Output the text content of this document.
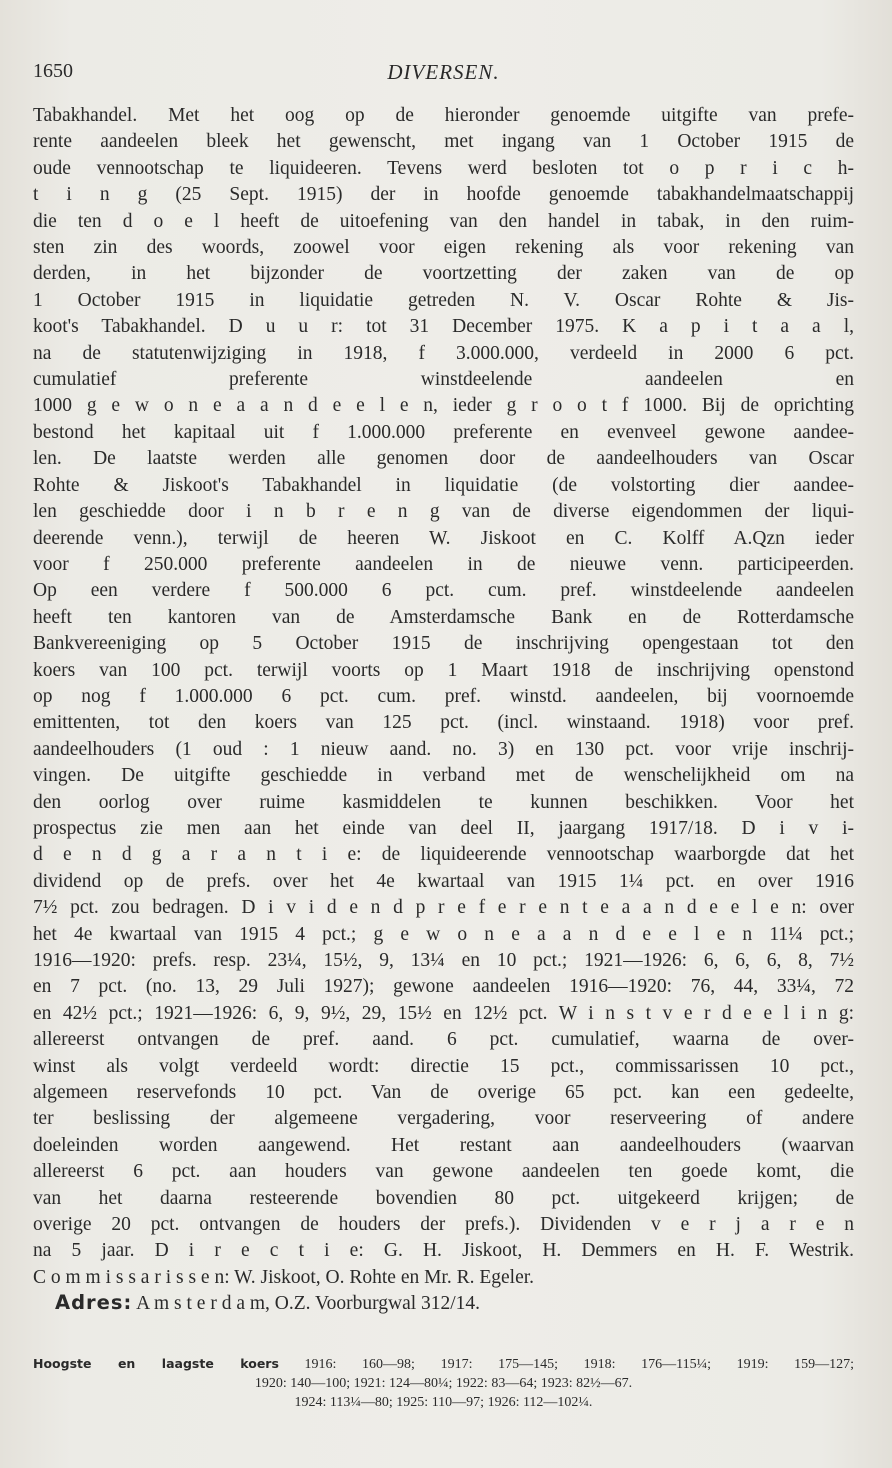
1650	DIVERSEN.
Tabakhandel. Met het oog op de hieronder genoemde uitgifte van prefe-
rente aandeelen bleek het gewenscht, met ingang van 1 October 1915 de
oude vennootschap te liquideeren. Tevens werd besloten tot o p r i c h-
t i n g (25 Sept. 1915) der in hoofde genoemde tabakhandelmaatschappij
die ten d o e l heeft de uitoefening van den handel in tabak, in den ruim-
sten zin des woords, zoowel voor eigen rekening als voor rekening van
derden, in het bijzonder de voortzetting der zaken van de op
1 October 1915 in liquidatie getreden N. V. Oscar Rohte & Jis-
koot's Tabakhandel. D u u r: tot 31 December 1975. K a p i t a a l,
na de statutenwijziging in 1918, f 3.000.000, verdeeld in 2000 6 pct.
cumulatief preferente winstdeelende aandeelen en
1000 g e w o n e a a n d e e l e n, ieder g r o o t f 1000. Bij de oprichting
bestond het kapitaal uit f 1.000.000 preferente en evenveel gewone aandee-
len. De laatste werden alle genomen door de aandeelhouders van Oscar
Rohte & Jiskoot's Tabakhandel in liquidatie (de volstorting dier aandee-
len geschiedde door i n b r e n g van de diverse eigendommen der liqui-
deerende venn.), terwijl de heeren W. Jiskoot en C. Kolff A.Qzn ieder
voor f 250.000 preferente aandeelen in de nieuwe venn. participeerden.
Op een verdere f 500.000 6 pct. cum. pref. winstdeelende aandeelen
heeft ten kantoren van de Amsterdamsche Bank en de Rotterdamsche
Bankvereeniging op 5 October 1915 de inschrijving opengestaan tot den
koers van 100 pct. terwijl voorts op 1 Maart 1918 de inschrijving openstond
op nog f 1.000.000 6 pct. cum. pref. winstd. aandeelen, bij voornoemde
emittenten, tot den koers van 125 pct. (incl. winstaand. 1918) voor pref.
aandeelhouders (1 oud : 1 nieuw aand. no. 3) en 130 pct. voor vrije inschrij-
vingen. De uitgifte geschiedde in verband met de wenschelijkheid om na
den oorlog over ruime kasmiddelen te kunnen beschikken. Voor het
prospectus zie men aan het einde van deel II, jaargang 1917/18. D i v i-
d e n d g a r a n t i e: de liquideerende vennootschap waarborgde dat het
dividend op de prefs. over het 4e kwartaal van 1915 1¼ pct. en over 1916
7½ pct. zou bedragen. D i v i d e n d p r e f e r e n t e a a n d e e l e n: over
het 4e kwartaal van 1915 4 pct.; g e w o n e a a n d e e l e n 11¼ pct.;
1916—1920: prefs. resp. 23¼, 15½, 9, 13¼ en 10 pct.; 1921—1926: 6, 6, 6, 8, 7½
en 7 pct. (no. 13, 29 Juli 1927); gewone aandeelen 1916—1920: 76, 44, 33¼, 72
en 42½ pct.; 1921—1926: 6, 9, 9½, 29, 15½ en 12½ pct. W i n s t v e r d e e l i n g:
allereerst ontvangen de pref. aand. 6 pct. cumulatief, waarna de over-
winst als volgt verdeeld wordt: directie 15 pct., commissarissen 10 pct.,
algemeen reservefonds 10 pct. Van de overige 65 pct. kan een gedeelte,
ter beslissing der algemeene vergadering, voor reserveering of andere
doeleinden worden aangewend. Het restant aan aandeelhouders (waarvan
allereerst 6 pct. aan houders van gewone aandeelen ten goede komt, die
van het daarna resteerende bovendien 80 pct. uitgekeerd krijgen; de
overige 20 pct. ontvangen de houders der prefs.). Dividenden v e r j a r e n
na 5 jaar. D i r e c t i e: G. H. Jiskoot, H. Demmers en H. F. Westrik.
C o m m i s s a r i s s e n: W. Jiskoot, O. Rohte en Mr. R. Egeler.
Adres: A m s t e r d a m, O.Z. Voorburgwal 312/14.
Hoogste en laagste koers 1916: 160—98; 1917: 175—145; 1918: 176—115¼; 1919: 159—127;
1920: 140—100; 1921: 124—80¼; 1922: 83—64; 1923: 82½—67.
1924: 113¼—80; 1925: 110—97; 1926: 112—102¼.
